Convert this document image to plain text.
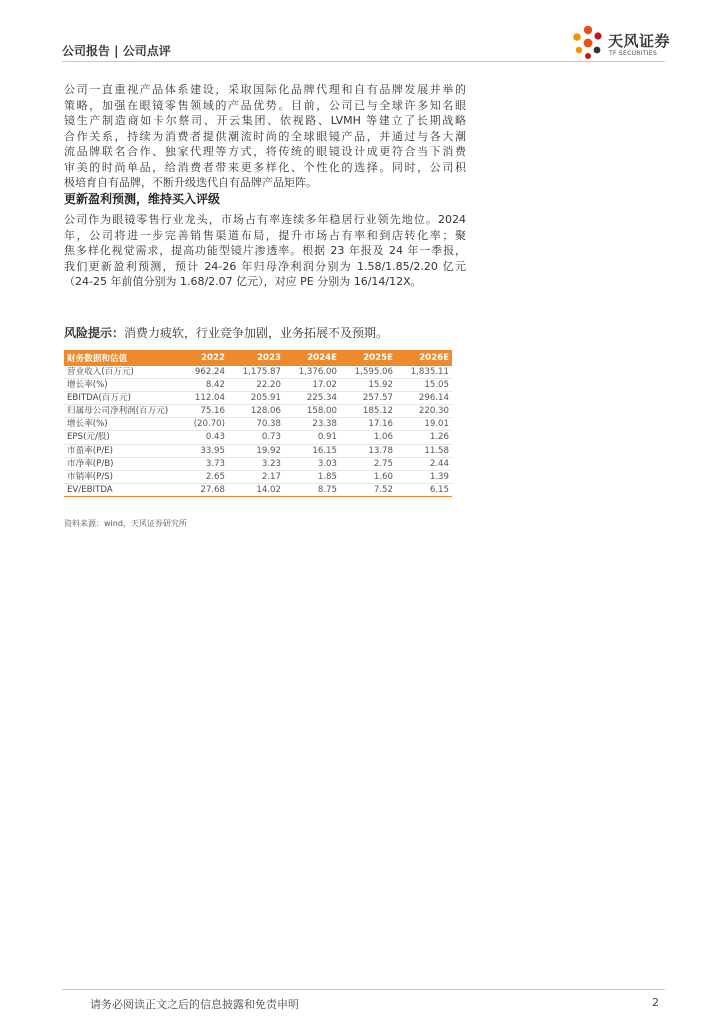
公司报告 | 公司点评
天风证券
TF SECURITIES
公司一直重视产品体系建设，采取国际化品牌代理和自有品牌发展并举的
策略，加强在眼镜零售领域的产品优势。目前，公司已与全球许多知名眼
镜生产制造商如卡尔蔡司、开云集团、依视路、LVMH 等建立了长期战略
合作关系，持续为消费者提供潮流时尚的全球眼镜产品，并通过与各大潮
流品牌联名合作、独家代理等方式，将传统的眼镜设计成更符合当下消费
审美的时尚单品，给消费者带来更多样化、个性化的选择。同时，公司积
极培育自有品牌，不断升级迭代自有品牌产品矩阵。
更新盈利预测，维持买入评级
公司作为眼镜零售行业龙头，市场占有率连续多年稳居行业领先地位。2024
年，公司将进一步完善销售渠道布局，提升市场占有率和到店转化率；聚
焦多样化视觉需求，提高功能型镜片渗透率。根据 23 年报及 24 年一季报，
我们更新盈利预测，预计 24-26 年归母净利润分别为 1.58/1.85/2.20 亿元
（24-25 年前值分别为 1.68/2.07 亿元），对应 PE 分别为 16/14/12X。
风险提示：消费力疲软，行业竞争加剧，业务拓展不及预期。
财务数据和估值	2022	2023	2024E	2025E	2026E
营业收入(百万元)	962.24	1,175.87	1,376.00	1,595.06	1,835.11
增长率(%)	8.42	22.20	17.02	15.92	15.05
EBITDA(百万元)	112.04	205.91	225.34	257.57	296.14
归属母公司净利润(百万元)	75.16	128.06	158.00	185.12	220.30
增长率(%)	(20.70)	70.38	23.38	17.16	19.01
EPS(元/股)	0.43	0.73	0.91	1.06	1.26
市盈率(P/E)	33.95	19.92	16.15	13.78	11.58
市净率(P/B)	3.73	3.23	3.03	2.75	2.44
市销率(P/S)	2.65	2.17	1.85	1.60	1.39
EV/EBITDA	27.68	14.02	8.75	7.52	6.15
资料来源：wind，天风证券研究所
请务必阅读正文之后的信息披露和免责申明	2
